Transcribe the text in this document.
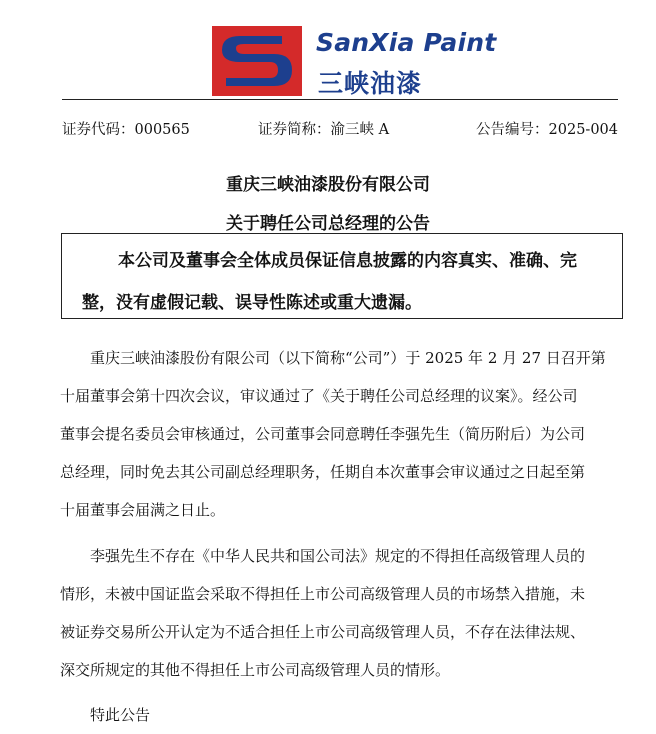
SanXia Paint
三峡油漆
证券代码：000565	证券简称：渝三峡 A	公告编号：2025-004
重庆三峡油漆股份有限公司
关于聘任公司总经理的公告
本公司及董事会全体成员保证信息披露的内容真实、准确、完
整，没有虚假记载、误导性陈述或重大遗漏。
重庆三峡油漆股份有限公司（以下简称“公司”）于 2025 年 2 月 27 日召开第
十届董事会第十四次会议，审议通过了《关于聘任公司总经理的议案》。经公司
董事会提名委员会审核通过，公司董事会同意聘任李强先生（简历附后）为公司
总经理，同时免去其公司副总经理职务，任期自本次董事会审议通过之日起至第
十届董事会届满之日止。
李强先生不存在《中华人民共和国公司法》规定的不得担任高级管理人员的
情形，未被中国证监会采取不得担任上市公司高级管理人员的市场禁入措施，未
被证券交易所公开认定为不适合担任上市公司高级管理人员，不存在法律法规、
深交所规定的其他不得担任上市公司高级管理人员的情形。
特此公告
